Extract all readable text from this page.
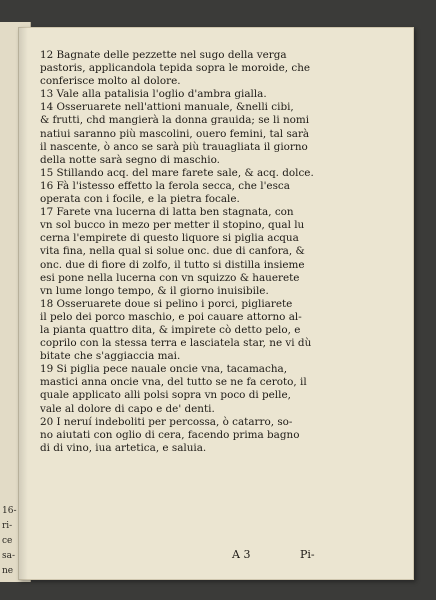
16-
ri-
ce
sa-
ne
12 Bagnate delle pezzette nel sugo della verga
pastoris, applicandola tepida sopra le moroide, che
conferisce molto al dolore.
13 Vale alla patalisia l'oglio d'ambra gialla.
14 Osseruarete nell'attioni manuale, &nelli cibi,
& frutti, chd mangierà la donna grauida; se li nomi
natiui saranno più mascolini, ouero femini, tal sarà
il nascente, ò anco se sarà più trauagliata il giorno
della notte sarà segno di maschio.
15 Stillando acq. del mare farete sale, & acq. dolce.
16 Fà l'istesso effetto la ferola secca, che l'esca
operata con i focile, e la pietra focale.
17 Farete vna lucerna di latta ben stagnata, con
vn sol bucco in mezo per metter il stopino, qual lu
cerna l'empirete di questo liquore si piglia acqua
vita fina, nella qual si solue onc. due di canfora, &
onc. due di fiore di zolfo, il tutto si distilla insieme
esi pone nella lucerna con vn squizzo & hauerete
vn lume longo tempo, & il giorno inuisibile.
18 Osseruarete doue si pelino i porci, pigliarete
il pelo dei porco maschio, e poi cauare attorno al-
la pianta quattro dita, & impirete cò detto pelo, e
coprilo con la stessa terra e lasciatela star, ne vi dù
bitate che s'aggiaccia mai.
19 Si piglia pece nauale oncie vna, tacamacha,
mastici anna oncie vna, del tutto se ne fa ceroto, il
quale applicato alli polsi sopra vn poco di pelle,
vale al dolore di capo e de' denti.
20 I neruí indeboliti per percossa, ò catarro, so-
no aiutati con oglio di cera, facendo prima bagno
di di vino, iua artetica, e saluia.
A 3	Pi-
